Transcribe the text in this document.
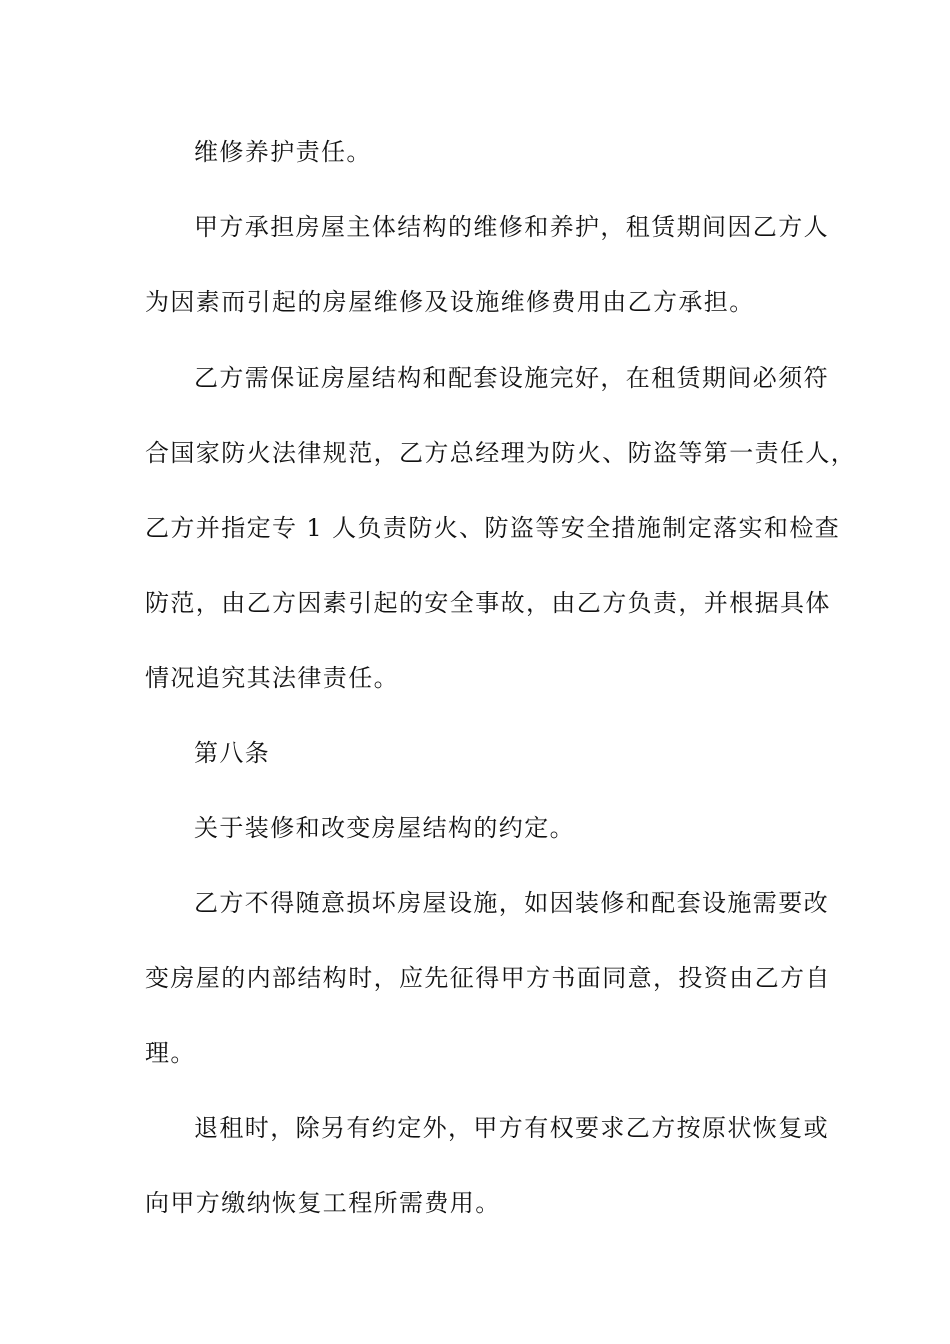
维修养护责任。
甲方承担房屋主体结构的维修和养护，租赁期间因乙方人
为因素而引起的房屋维修及设施维修费用由乙方承担。
乙方需保证房屋结构和配套设施完好，在租赁期间必须符
合国家防火法律规范，乙方总经理为防火、防盗等第一责任人，
乙方并指定专 1 人负责防火、防盗等安全措施制定落实和检查
防范，由乙方因素引起的安全事故，由乙方负责，并根据具体
情况追究其法律责任。
第八条
关于装修和改变房屋结构的约定。
乙方不得随意损坏房屋设施，如因装修和配套设施需要改
变房屋的内部结构时，应先征得甲方书面同意，投资由乙方自
理。
退租时，除另有约定外，甲方有权要求乙方按原状恢复或
向甲方缴纳恢复工程所需费用。
